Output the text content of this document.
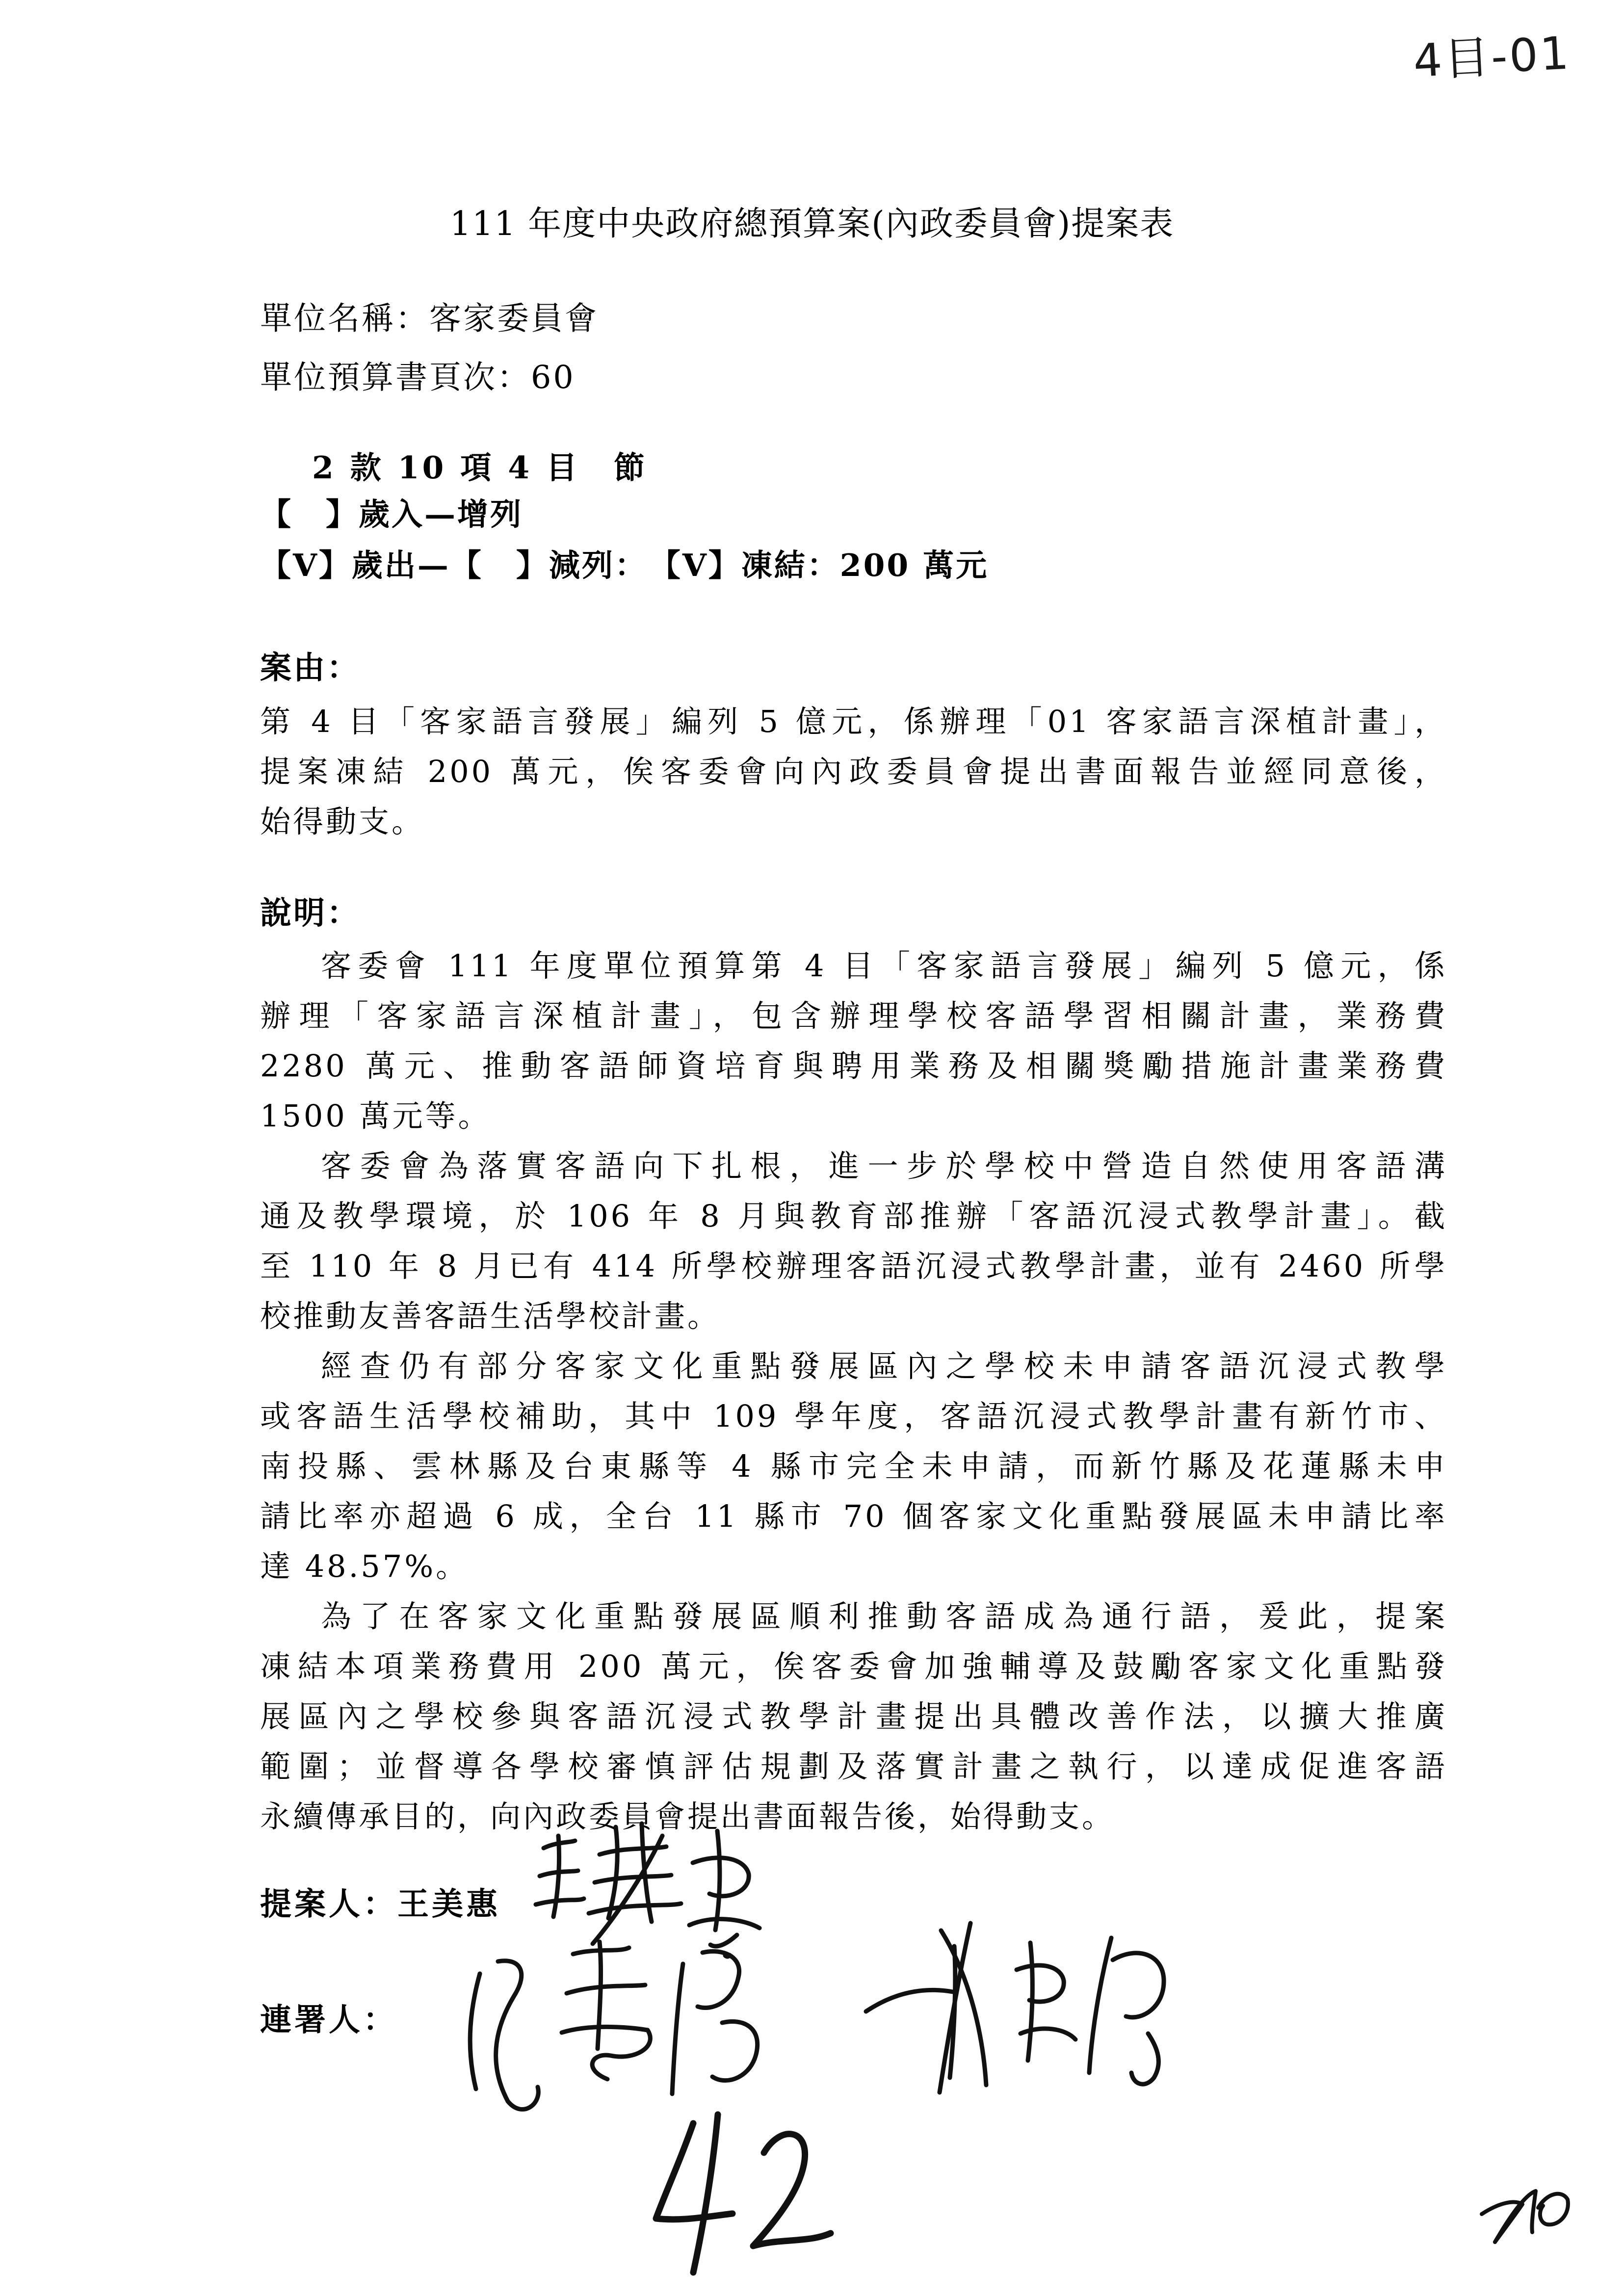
4目-01
111 年度中央政府總預算案(內政委員會)提案表
單位名稱：客家委員會
單位預算書頁次：60
2 款 10 項 4 目　節
【　】歲入—增列
【V】歲出—【　】減列：　【V】凍結：200 萬元
案由：
第 4 目「客家語言發展」編列 5 億元，係辦理「01 客家語言深植計畫」，
提案凍結 200 萬元，俟客委會向內政委員會提出書面報告並經同意後，
始得動支。
說明：
客委會 111 年度單位預算第 4 目「客家語言發展」編列 5 億元，係
辦理「客家語言深植計畫」，包含辦理學校客語學習相關計畫，業務費
2280 萬元、推動客語師資培育與聘用業務及相關獎勵措施計畫業務費
1500 萬元等。
客委會為落實客語向下扎根，進一步於學校中營造自然使用客語溝
通及教學環境，於 106 年 8 月與教育部推辦「客語沉浸式教學計畫」。截
至 110 年 8 月已有 414 所學校辦理客語沉浸式教學計畫，並有 2460 所學
校推動友善客語生活學校計畫。
經查仍有部分客家文化重點發展區內之學校未申請客語沉浸式教學
或客語生活學校補助，其中 109 學年度，客語沉浸式教學計畫有新竹市、
南投縣、雲林縣及台東縣等 4 縣市完全未申請，而新竹縣及花蓮縣未申
請比率亦超過 6 成，全台 11 縣市 70 個客家文化重點發展區未申請比率
達 48.57%。
為了在客家文化重點發展區順利推動客語成為通行語，爰此，提案
凍結本項業務費用 200 萬元，俟客委會加強輔導及鼓勵客家文化重點發
展區內之學校參與客語沉浸式教學計畫提出具體改善作法，以擴大推廣
範圍；並督導各學校審慎評估規劃及落實計畫之執行，以達成促進客語
永續傳承目的，向內政委員會提出書面報告後，始得動支。
提案人：王美惠
連署人：
